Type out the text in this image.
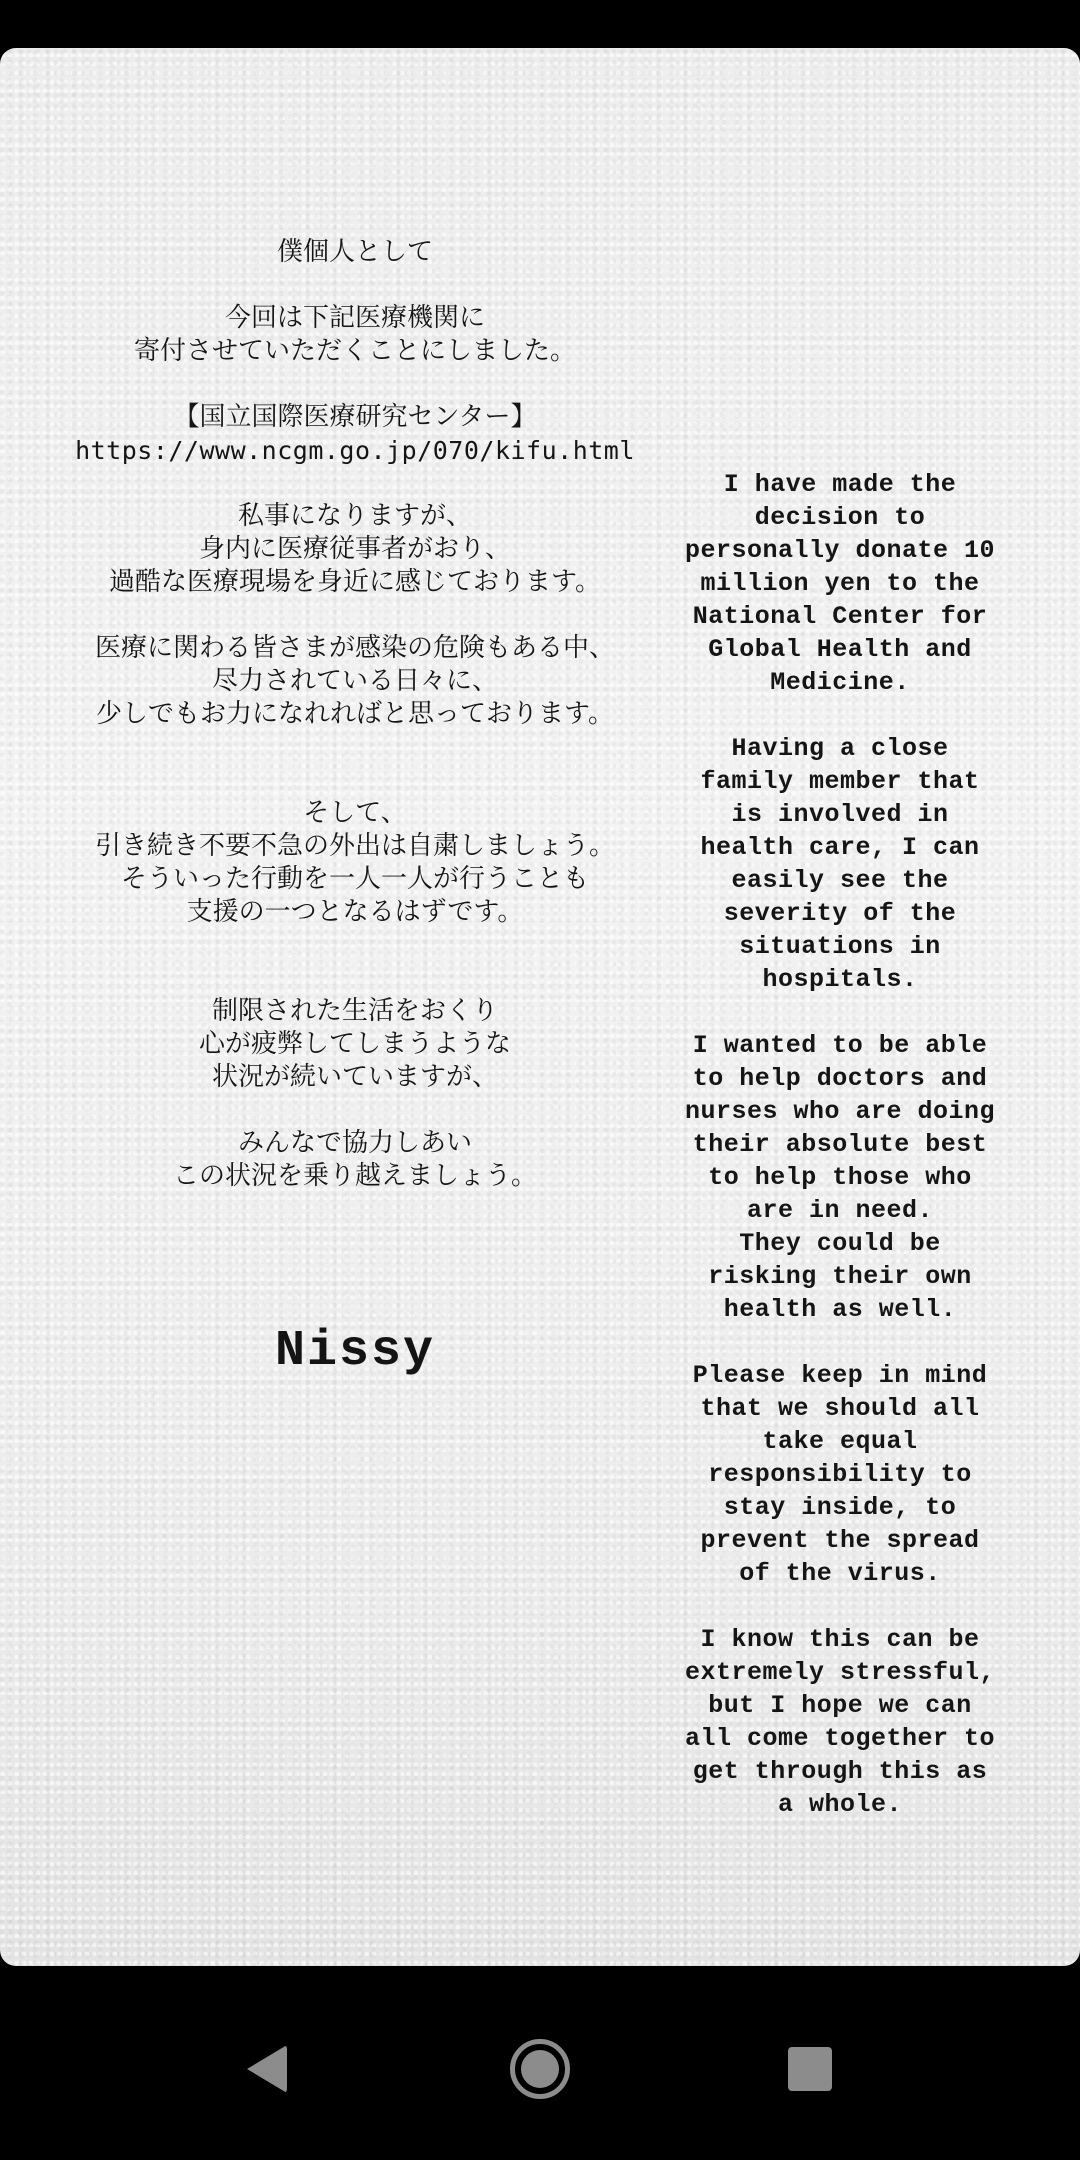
僕個人として
今回は下記医療機関に
寄付させていただくことにしました。
【国立国際医療研究センター】
https://www.ncgm.go.jp/070/kifu.html
私事になりますが、
身内に医療従事者がおり、
過酷な医療現場を身近に感じております。
医療に関わる皆さまが感染の危険もある中、
尽力されている日々に、
少しでもお力になれればと思っております。
そして、
引き続き不要不急の外出は自粛しましょう。
そういった行動を一人一人が行うことも
支援の一つとなるはずです。
制限された生活をおくり
心が疲弊してしまうような
状況が続いていますが、
みんなで協力しあい
この状況を乗り越えましょう。
Nissy
I have made the
decision to
personally donate 10
million yen to the
National Center for
Global Health and
Medicine.
Having a close
family member that
is involved in
health care, I can
easily see the
severity of the
situations in
hospitals.
I wanted to be able
to help doctors and
nurses who are doing
their absolute best
to help those who
are in need.
They could be
risking their own
health as well.
Please keep in mind
that we should all
take equal
responsibility to
stay inside, to
prevent the spread
of the virus.
I know this can be
extremely stressful,
but I hope we can
all come together to
get through this as
a whole.
